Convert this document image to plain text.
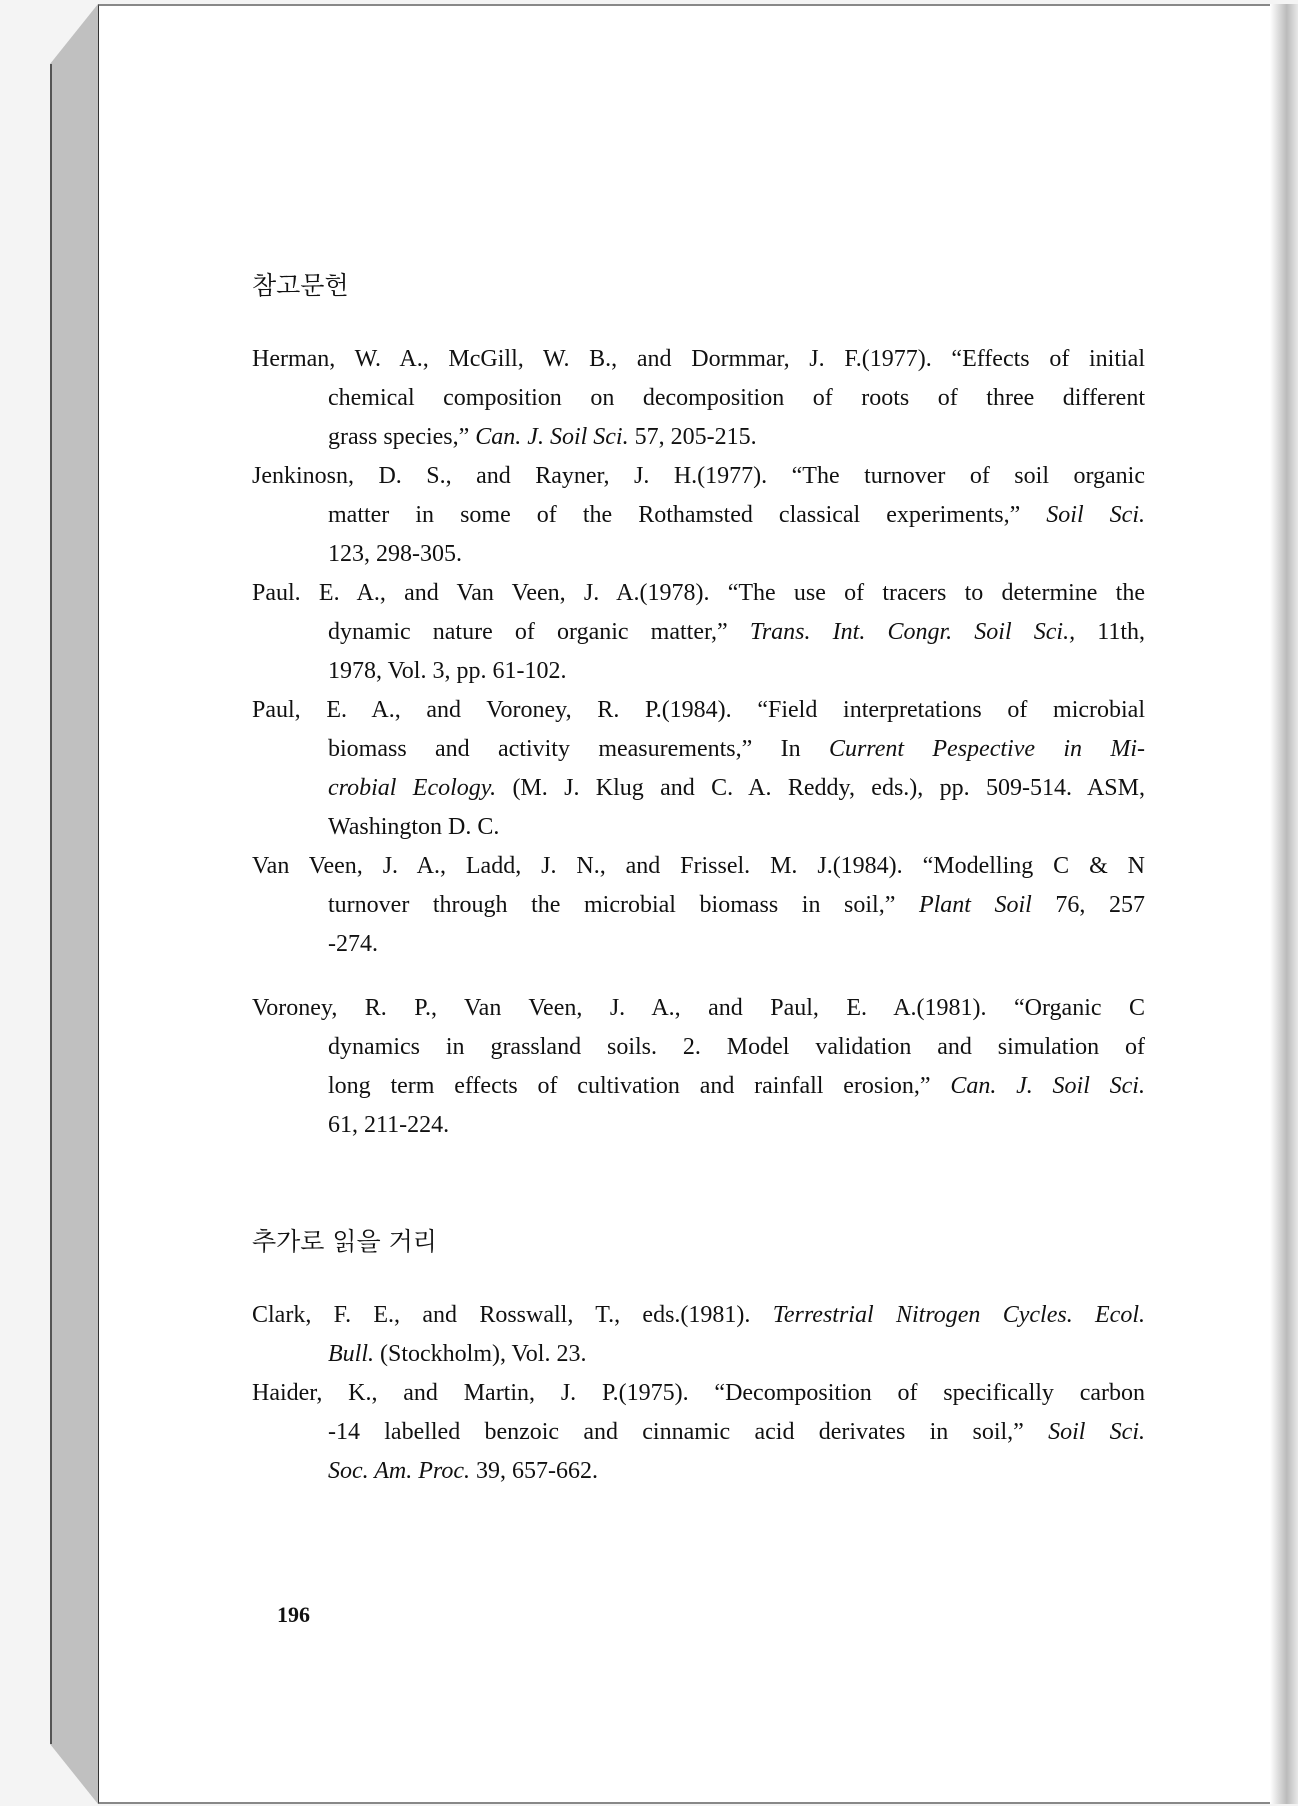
참고문헌
Herman, W. A., McGill, W. B., and Dormmar, J. F.(1977). “Effects of initial
chemical composition on decomposition of roots of three different
grass species,” Can. J. Soil Sci. 57, 205-215.
Jenkinosn, D. S., and Rayner, J. H.(1977). “The turnover of soil organic
matter in some of the Rothamsted classical experiments,” Soil Sci.
123, 298-305.
Paul. E. A., and Van Veen, J. A.(1978). “The use of tracers to determine the
dynamic nature of organic matter,” Trans. Int. Congr. Soil Sci., 11th,
1978, Vol. 3, pp. 61-102.
Paul, E. A., and Voroney, R. P.(1984). “Field interpretations of microbial
biomass and activity measurements,” In Current Pespective in Mi-
crobial Ecology. (M. J. Klug and C. A. Reddy, eds.), pp. 509-514. ASM,
Washington D. C.
Van Veen, J. A., Ladd, J. N., and Frissel. M. J.(1984). “Modelling C & N
turnover through the microbial biomass in soil,” Plant Soil 76, 257
-274.
Voroney, R. P., Van Veen, J. A., and Paul, E. A.(1981). “Organic C
dynamics in grassland soils. 2. Model validation and simulation of
long term effects of cultivation and rainfall erosion,” Can. J. Soil Sci.
61, 211-224.
추가로 읽을 거리
Clark, F. E., and Rosswall, T., eds.(1981). Terrestrial Nitrogen Cycles. Ecol.
Bull. (Stockholm), Vol. 23.
Haider, K., and Martin, J. P.(1975). “Decomposition of specifically carbon
-14 labelled benzoic and cinnamic acid derivates in soil,” Soil Sci.
Soc. Am. Proc. 39, 657-662.
196
